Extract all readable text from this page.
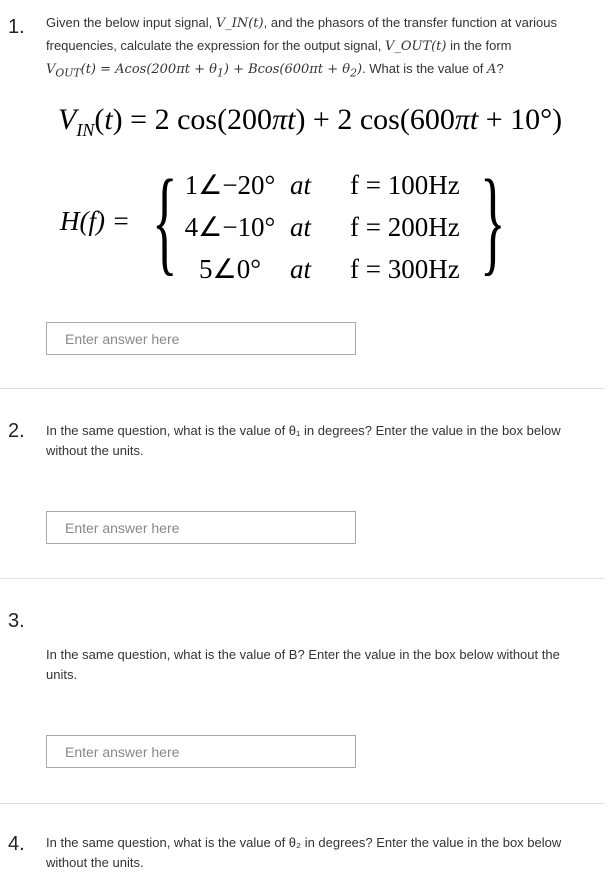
1. Given the below input signal, V_IN(t), and the phasors of the transfer function at various frequencies, calculate the expression for the output signal, V_OUT(t) in the form
$V_{OUT}(t) = Acos(200\pi t + \theta_1) + Bcos(600\pi t + \theta_2)$. What is the value of A?
$V_{IN}(t) = 2$ cos(200πt) + 2 cos(600πt + 10°)
H(f) = { 1∠−20° at f = 100Hz
4∠−10° at f = 200Hz
5∠0° at f = 300Hz }
Enter answer here
2. In the same question, what is the value of θ₁ in degrees? Enter the value in the box below without the units.
Enter answer here
3.
In the same question, what is the value of B? Enter the value in the box below without the units.
Enter answer here
4. In the same question, what is the value of θ₂ in degrees? Enter the value in the box below without the units.
